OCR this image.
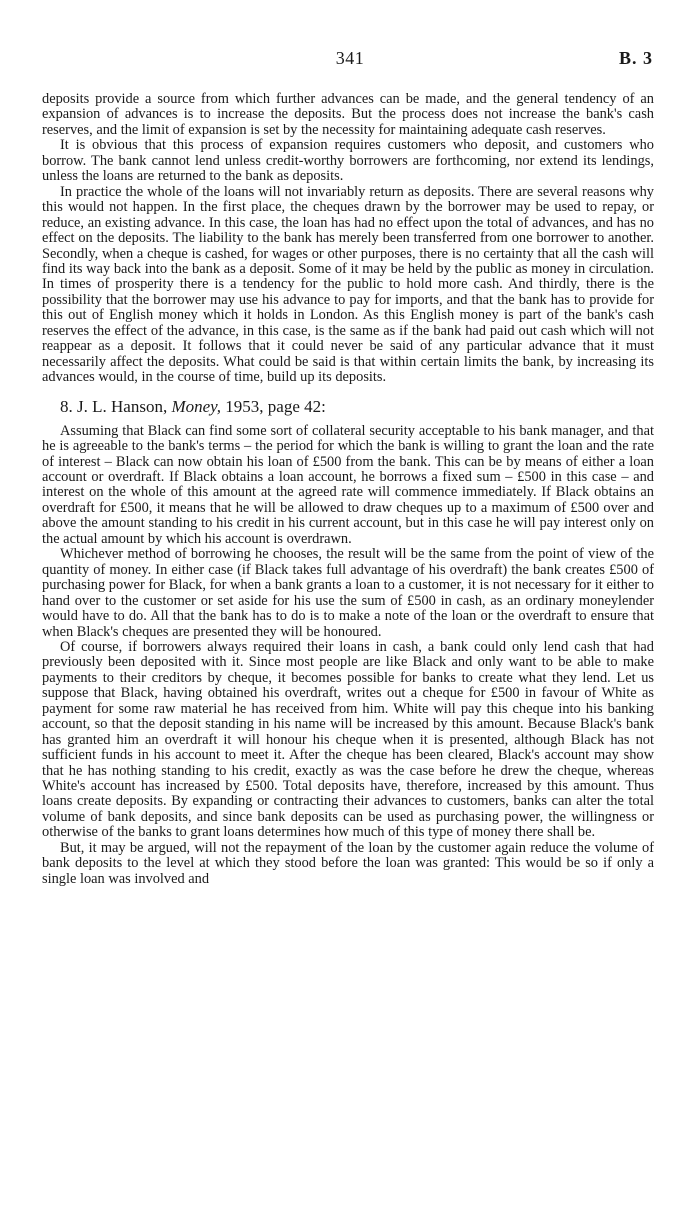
341	B. 3

deposits provide a source from which further advances can be made, and the general tendency of an expansion of advances is to increase the deposits. But the process does not increase the bank's cash reserves, and the limit of expansion is set by the necessity for maintaining adequate cash reserves.

It is obvious that this process of expansion requires customers who deposit, and customers who borrow. The bank cannot lend unless credit-worthy borrowers are forthcoming, nor extend its lendings, unless the loans are returned to the bank as deposits.

In practice the whole of the loans will not invariably return as deposits. There are several reasons why this would not happen. In the first place, the cheques drawn by the borrower may be used to repay, or reduce, an existing advance. In this case, the loan has had no effect upon the total of advances, and has no effect on the deposits. The liability to the bank has merely been transferred from one borrower to another. Secondly, when a cheque is cashed, for wages or other purposes, there is no certainty that all the cash will find its way back into the bank as a deposit. Some of it may be held by the public as money in circulation. In times of prosperity there is a tendency for the public to hold more cash. And thirdly, there is the possibility that the borrower may use his advance to pay for imports, and that the bank has to provide for this out of English money which it holds in London. As this English money is part of the bank's cash reserves the effect of the advance, in this case, is the same as if the bank had paid out cash which will not reappear as a deposit. It follows that it could never be said of any particular advance that it must necessarily affect the deposits. What could be said is that within certain limits the bank, by increasing its advances would, in the course of time, build up its deposits.

8. J. L. Hanson, Money, 1953, page 42:

Assuming that Black can find some sort of collateral security acceptable to his bank manager, and that he is agreeable to the bank's terms – the period for which the bank is willing to grant the loan and the rate of interest – Black can now obtain his loan of £500 from the bank. This can be by means of either a loan account or overdraft. If Black obtains a loan account, he borrows a fixed sum – £500 in this case – and interest on the whole of this amount at the agreed rate will commence immediately. If Black obtains an overdraft for £500, it means that he will be allowed to draw cheques up to a maximum of £500 over and above the amount standing to his credit in his current account, but in this case he will pay interest only on the actual amount by which his account is overdrawn.

Whichever method of borrowing he chooses, the result will be the same from the point of view of the quantity of money. In either case (if Black takes full advantage of his overdraft) the bank creates £500 of purchasing power for Black, for when a bank grants a loan to a customer, it is not necessary for it either to hand over to the customer or set aside for his use the sum of £500 in cash, as an ordinary moneylender would have to do. All that the bank has to do is to make a note of the loan or the overdraft to ensure that when Black's cheques are presented they will be honoured.

Of course, if borrowers always required their loans in cash, a bank could only lend cash that had previously been deposited with it. Since most people are like Black and only want to be able to make payments to their creditors by cheque, it becomes possible for banks to create what they lend. Let us suppose that Black, having obtained his overdraft, writes out a cheque for £500 in favour of White as payment for some raw material he has received from him. White will pay this cheque into his banking account, so that the deposit standing in his name will be increased by this amount. Because Black's bank has granted him an overdraft it will honour his cheque when it is presented, although Black has not sufficient funds in his account to meet it. After the cheque has been cleared, Black's account may show that he has nothing standing to his credit, exactly as was the case before he drew the cheque, whereas White's account has increased by £500. Total deposits have, therefore, increased by this amount. Thus loans create deposits. By expanding or contracting their advances to customers, banks can alter the total volume of bank deposits, and since bank deposits can be used as purchasing power, the willingness or otherwise of the banks to grant loans determines how much of this type of money there shall be.

But, it may be argued, will not the repayment of the loan by the customer again reduce the volume of bank deposits to the level at which they stood before the loan was granted: This would be so if only a single loan was involved and
